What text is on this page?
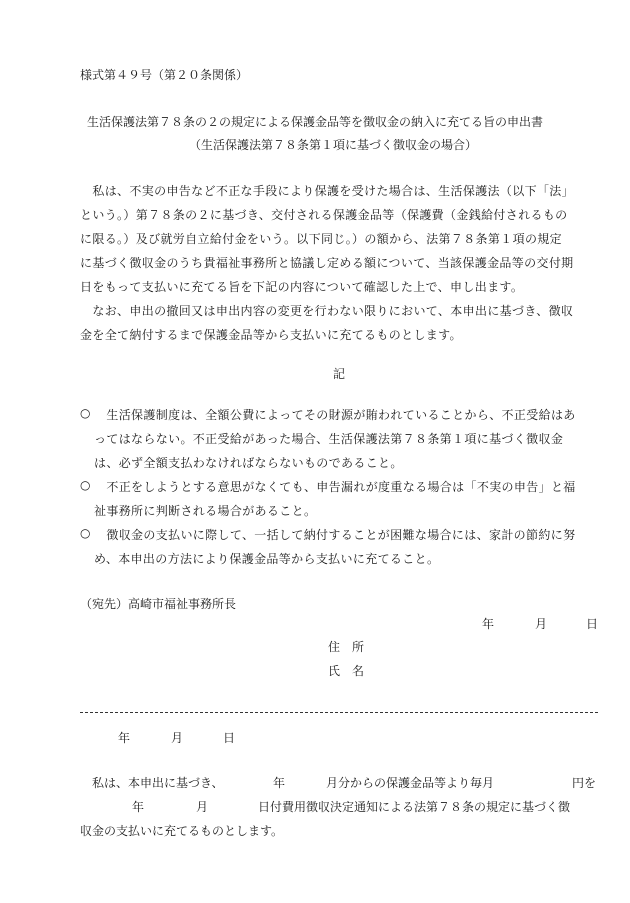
様式第４９号（第２０条関係）
生活保護法第７８条の２の規定による保護金品等を徴収金の納入に充てる旨の申出書
（生活保護法第７８条第１項に基づく徴収金の場合）
　私は、不実の申告など不正な手段により保護を受けた場合は、生活保護法（以下「法」
という。）第７８条の２に基づき、交付される保護金品等（保護費（金銭給付されるもの
に限る。）及び就労自立給付金をいう。以下同じ。）の額から、法第７８条第１項の規定
に基づく徴収金のうち貴福祉事務所と協議し定める額について、当該保護金品等の交付期
日をもって支払いに充てる旨を下記の内容について確認した上で、申し出ます。
　なお、申出の撤回又は申出内容の変更を行わない限りにおいて、本申出に基づき、徴収
金を全て納付するまで保護金品等から支払いに充てるものとします。
記
○ 　生活保護制度は、全額公費によってその財源が賄われていることから、不正受給はあ
ってはならない。不正受給があった場合、生活保護法第７８条第１項に基づく徴収金
は、必ず全額支払わなければならないものであること。
○ 　不正をしようとする意思がなくても、申告漏れが度重なる場合は「不実の申告」と福
祉事務所に判断される場合があること。
○ 　徴収金の支払いに際して、一括して納付することが困難な場合には、家計の節約に努
め、本申出の方法により保護金品等から支払いに充てること。
（宛先）高崎市福祉事務所長
年	月	日
住　所
氏　名
年	月	日
　私は、本申出に基づき、	年	月分からの保護金品等より毎月	円を
年	月	日付費用徴収決定通知による法第７８条の規定に基づく徴
収金の支払いに充てるものとします。
